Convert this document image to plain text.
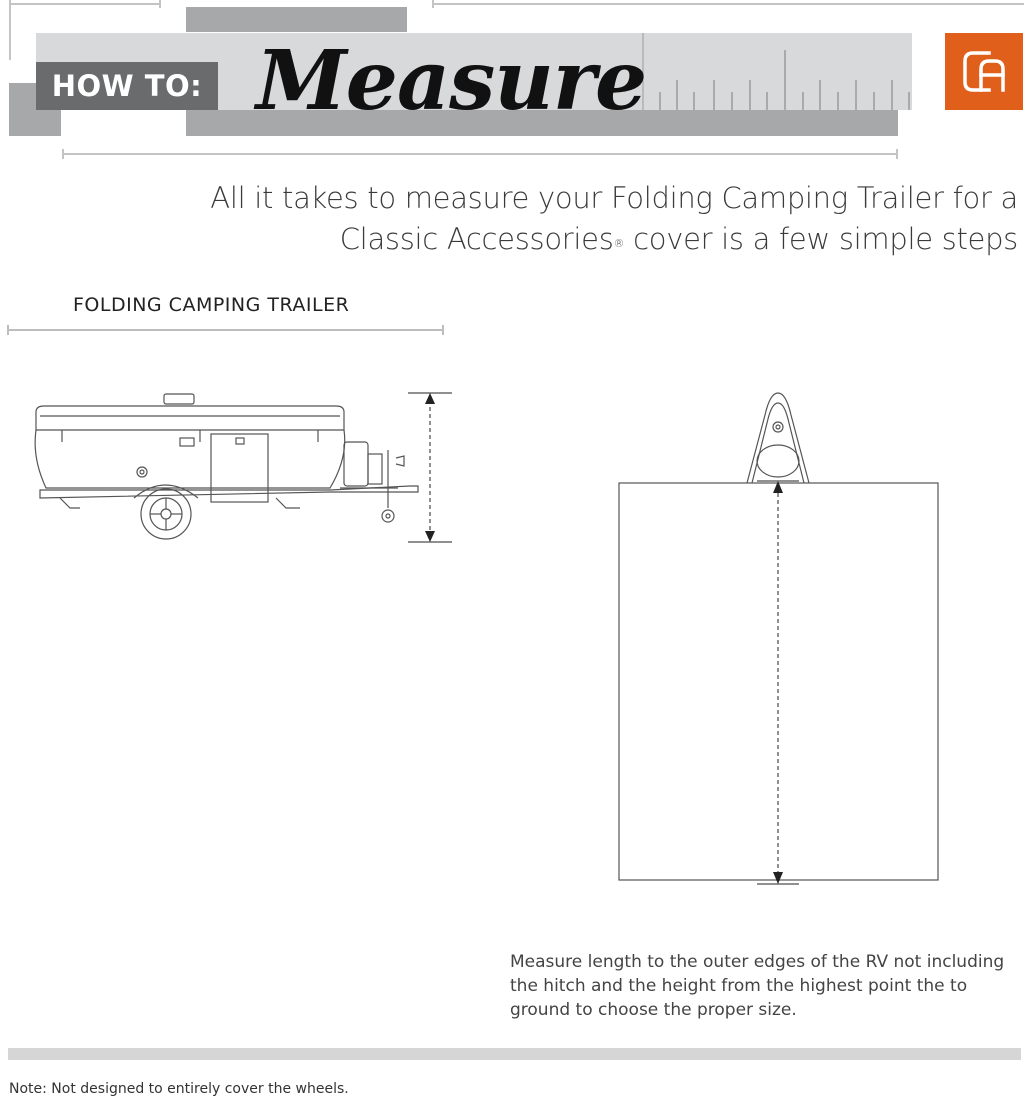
HOW TO: Measure
All it takes to measure your Folding Camping Trailer for a
Classic Accessories® cover is a few simple steps
FOLDING CAMPING TRAILER
Measure length to the outer edges of the RV not including the hitch and the height from the highest point the to ground to choose the proper size.
Note: Not designed to entirely cover the wheels.
